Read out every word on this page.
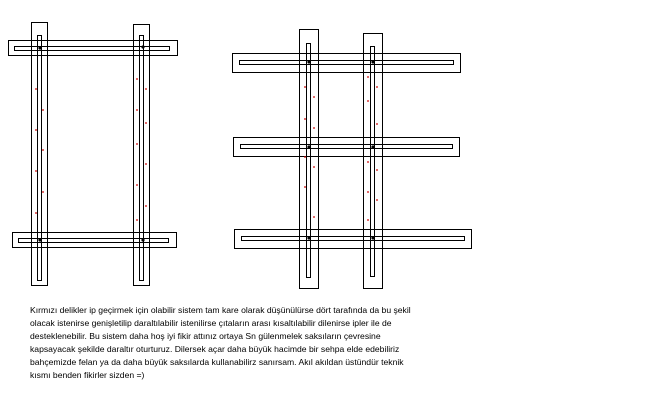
Kırmızı delikler ip geçirmek için olabilir sistem tam kare olarak düşünülürse dört tarafında da bu şekil
olacak istenirse genişletilip daraltılabilir istenilirse çıtaların arası kısaltılabilir dilenirse ipler ile de
desteklenebilir. Bu sistem daha hoş iyi fikir attınız ortaya Sn gülenmelek saksıların çevresine
kapsayacak şekilde daraltır oturturuz. Dilersek açar daha büyük hacimde bir sehpa elde edebiliriz
bahçemizde felan ya da daha büyük saksılarda kullanabilirz sanırsam. Akıl akıldan üstündür teknik
kısmı benden fikirler sizden =)
